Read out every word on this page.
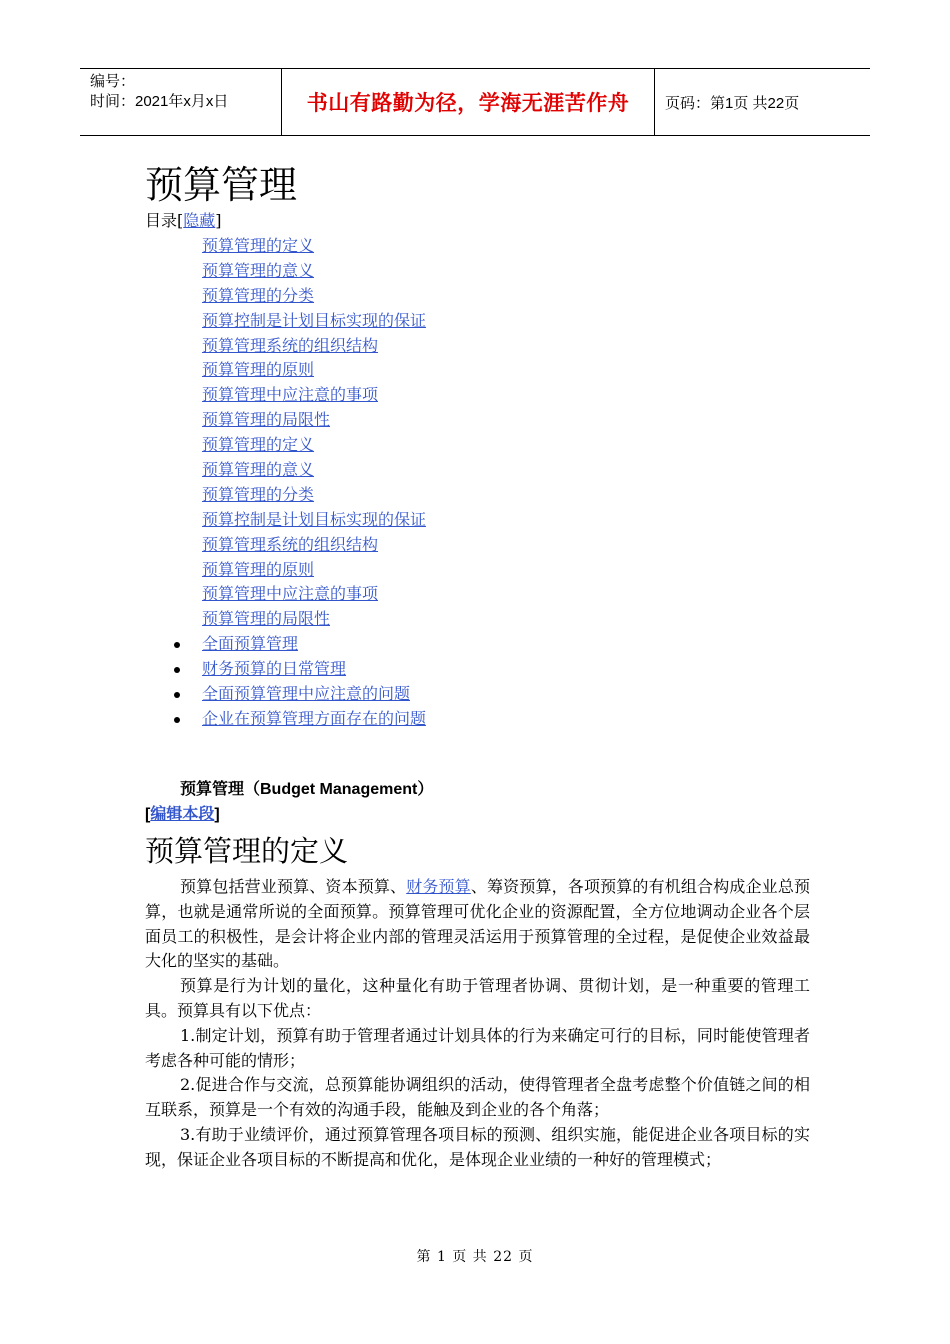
编号：
时间：2021年x月x日	书山有路勤为径，学海无涯苦作舟	页码：第1页 共22页
预算管理
目录[隐藏]
预算管理的定义
预算管理的意义
预算管理的分类
预算控制是计划目标实现的保证
预算管理系统的组织结构
预算管理的原则
预算管理中应注意的事项
预算管理的局限性
预算管理的定义
预算管理的意义
预算管理的分类
预算控制是计划目标实现的保证
预算管理系统的组织结构
预算管理的原则
预算管理中应注意的事项
预算管理的局限性
全面预算管理
财务预算的日常管理
全面预算管理中应注意的问题
企业在预算管理方面存在的问题
预算管理（Budget Management）
[编辑本段]
预算管理的定义

预算包括营业预算、资本预算、财务预算、筹资预算，各项预算的有机组合构成企业总预算，也就是通常所说的全面预算。预算管理可优化企业的资源配置，全方位地调动企业各个层面员工的积极性，是会计将企业内部的管理灵活运用于预算管理的全过程，是促使企业效益最大化的坚实的基础。

预算是行为计划的量化，这种量化有助于管理者协调、贯彻计划，是一种重要的管理工具。预算具有以下优点：

1.制定计划，预算有助于管理者通过计划具体的行为来确定可行的目标，同时能使管理者考虑各种可能的情形；

2.促进合作与交流，总预算能协调组织的活动，使得管理者全盘考虑整个价值链之间的相互联系，预算是一个有效的沟通手段，能触及到企业的各个角落；

3.有助于业绩评价，通过预算管理各项目标的预测、组织实施，能促进企业各项目标的实现，保证企业各项目标的不断提高和优化，是体现企业业绩的一种好的管理模式；

第 1 页 共 22 页
